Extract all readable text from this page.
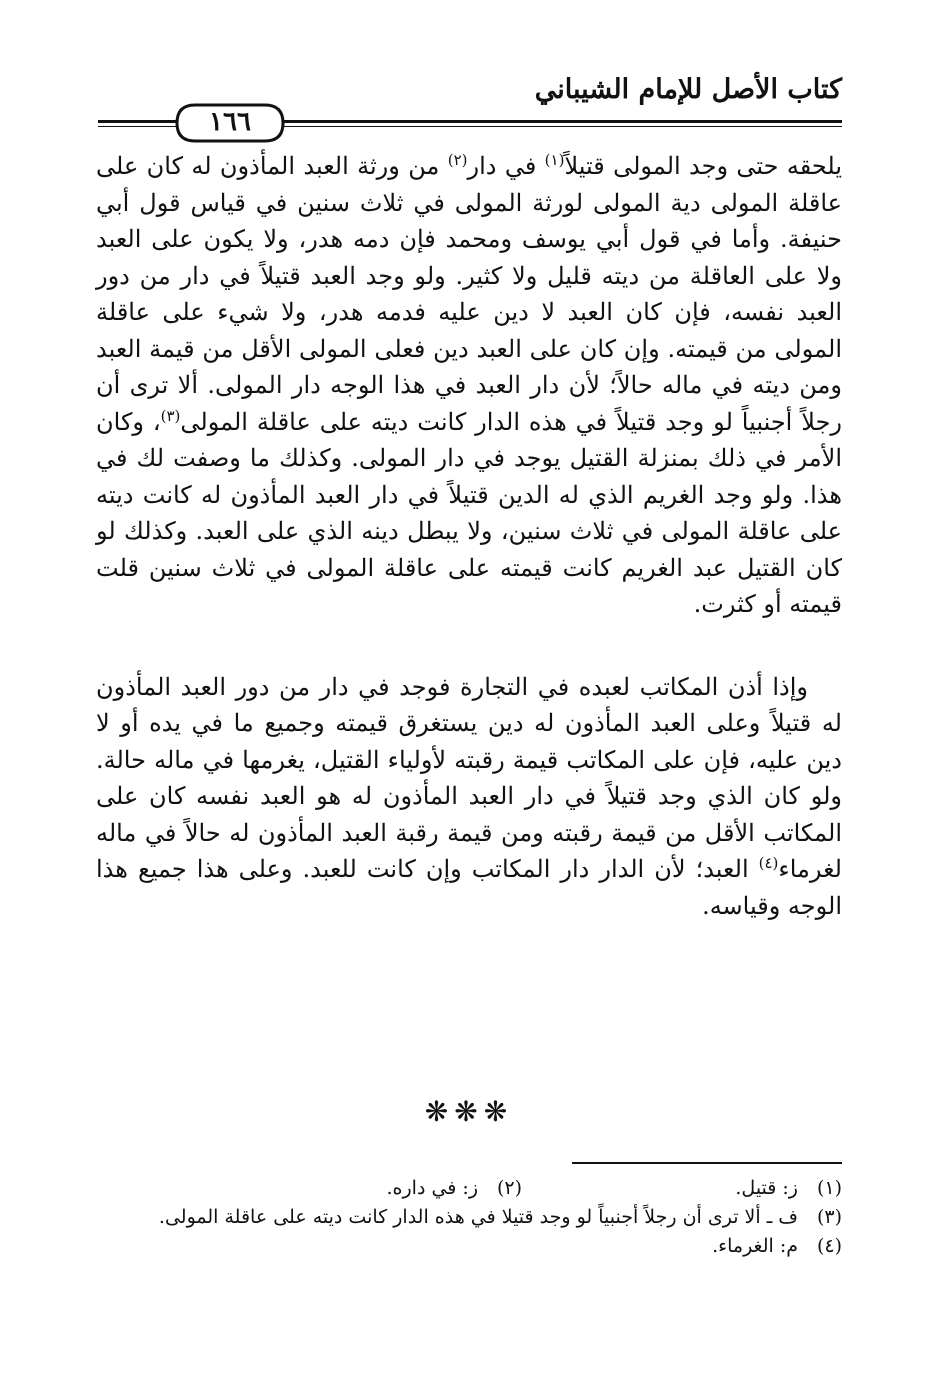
كتاب الأصل للإمام الشيباني
١٦٦

يلحقه حتى وجد المولى قتيلاً$^{(١)}$ في دار$^{(٢)}$ من ورثة العبد المأذون له كان على عاقلة المولى دية المولى لورثة المولى في ثلاث سنين في قياس قول أبي حنيفة. وأما في قول أبي يوسف ومحمد فإن دمه هدر، ولا يكون على العبد ولا على العاقلة من ديته قليل ولا كثير. ولو وجد العبد قتيلاً في دار من دور العبد نفسه، فإن كان العبد لا دين عليه فدمه هدر، ولا شيء على عاقلة المولى من قيمته. وإن كان على العبد دين فعلى المولى الأقل من قيمة العبد ومن ديته في ماله حالاً؛ لأن دار العبد في هذا الوجه دار المولى. ألا ترى أن رجلاً أجنبياً لو وجد قتيلاً في هذه الدار كانت ديته على عاقلة المولى$^{(٣)}$، وكان الأمر في ذلك بمنزلة القتيل يوجد في دار المولى. وكذلك ما وصفت لك في هذا. ولو وجد الغريم الذي له الدين قتيلاً في دار العبد المأذون له كانت ديته على عاقلة المولى في ثلاث سنين، ولا يبطل دينه الذي على العبد. وكذلك لو كان القتيل عبد الغريم كانت قيمته على عاقلة المولى في ثلاث سنين قلت قيمته أو كثرت.

وإذا أذن المكاتب لعبده في التجارة فوجد في دار من دور العبد المأذون له قتيلاً وعلى العبد المأذون له دين يستغرق قيمته وجميع ما في يده أو لا دين عليه، فإن على المكاتب قيمة رقبته لأولياء القتيل، يغرمها في ماله حالة. ولو كان الذي وجد قتيلاً في دار العبد المأذون له هو العبد نفسه كان على المكاتب الأقل من قيمة رقبته ومن قيمة رقبة العبد المأذون له حالاً في ماله لغرماء$^{(٤)}$ العبد؛ لأن الدار دار المكاتب وإن كانت للعبد. وعلى هذا جميع هذا الوجه وقياسه.

❋❋❋
(١)
ز: قتيل.
(٢)
ز: في داره.
(٣)
ف ـ ألا ترى أن رجلاً أجنبياً لو وجد قتيلا في هذه الدار كانت ديته على عاقلة المولى.
(٤)
م: الغرماء.
